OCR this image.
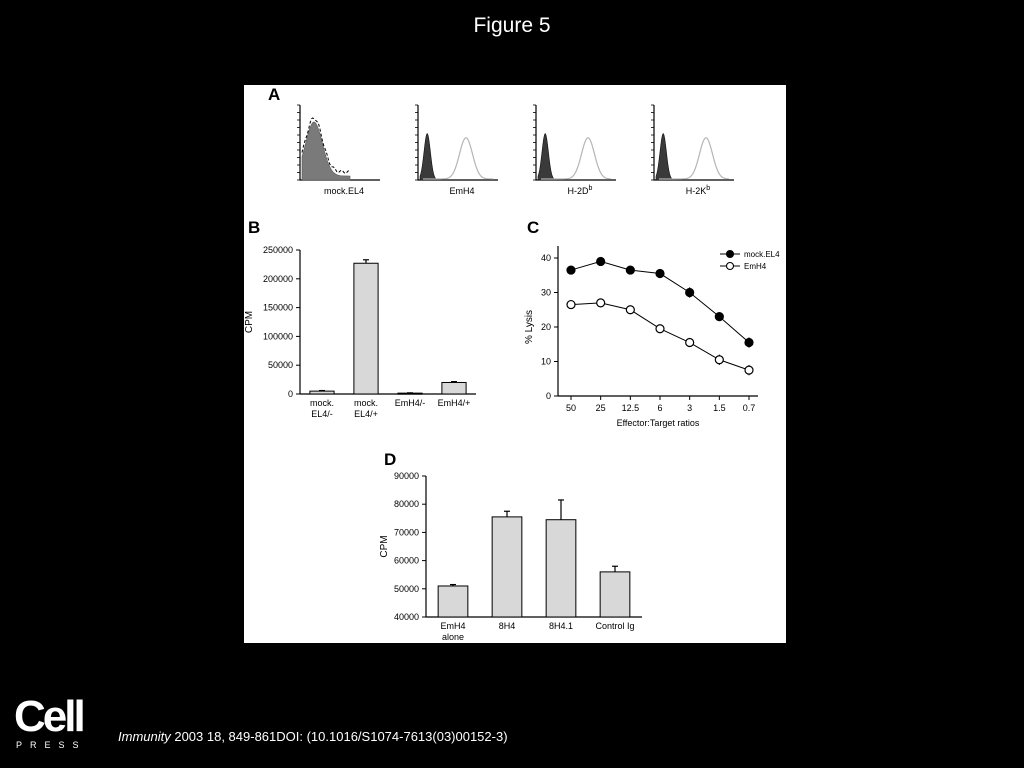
Figure 5
A
mock.EL4	EmH4	$H-2D^b$	$H-2K^b$
B
0
50000
100000
150000
200000
250000
CPM
mock.
EL4/-
mock.
EL4/+
EmH4/- EmH4/+
D
40000
50000
60000
70000
80000
90000
CPM
EmH4
alone
8H4	8H4.1 Control Ig
C
0
10
20
30
40
50 25 12.5 6	3 1.5 0.7
Effector:Target ratios
% Lysis
mock.EL4
EmH4
Cell
PRESS
Immunity 2003 18, 849-861DOI: (10.1016/S1074-7613(03)00152-3)
